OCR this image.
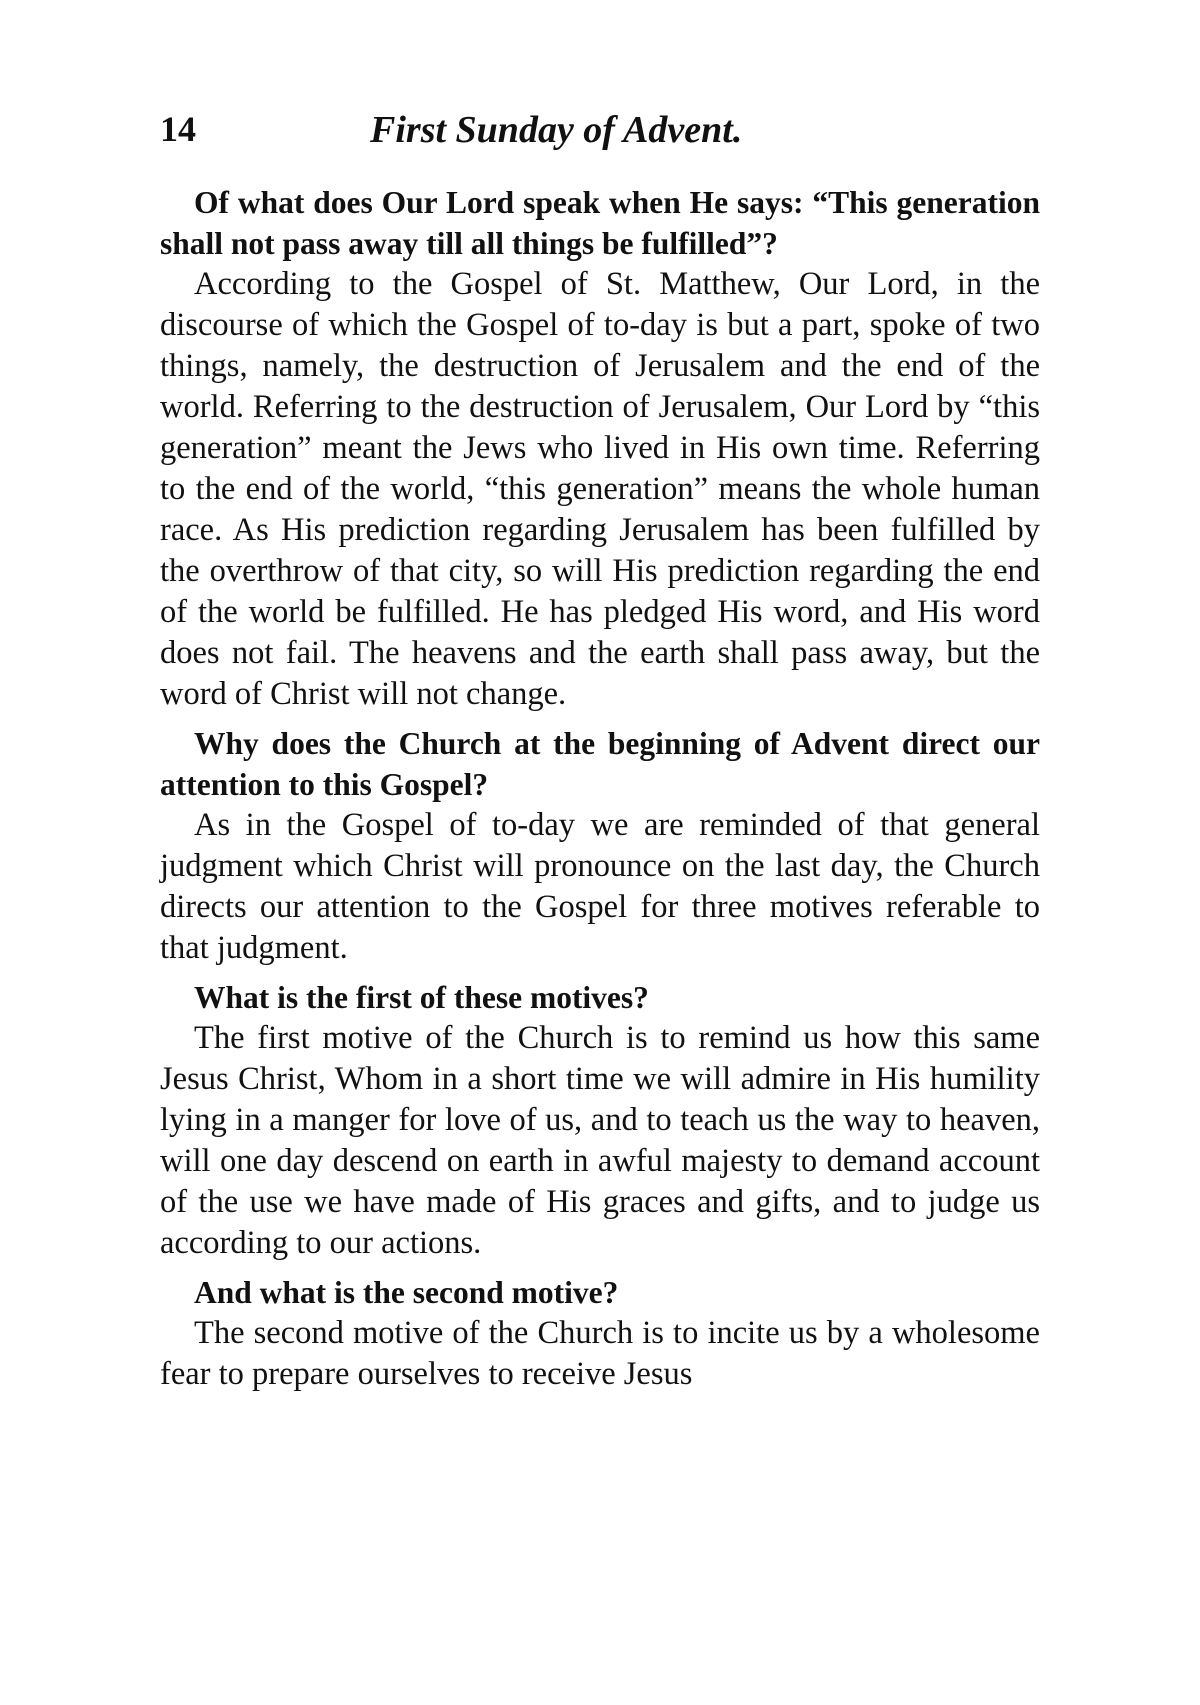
14	First Sunday of Advent.

Of what does Our Lord speak when He says: “This generation shall not pass away till all things be fulfilled”?

According to the Gospel of St. Matthew, Our Lord, in the discourse of which the Gospel of to-day is but a part, spoke of two things, namely, the destruction of Jerusalem and the end of the world. Referring to the destruction of Jerusalem, Our Lord by “this generation” meant the Jews who lived in His own time. Referring to the end of the world, “this generation” means the whole human race. As His prediction regarding Jerusalem has been fulfilled by the overthrow of that city, so will His prediction regarding the end of the world be fulfilled. He has pledged His word, and His word does not fail. The heavens and the earth shall pass away, but the word of Christ will not change.

Why does the Church at the beginning of Advent direct our attention to this Gospel?

As in the Gospel of to-day we are reminded of that general judgment which Christ will pronounce on the last day, the Church directs our attention to the Gospel for three motives referable to that judgment.

What is the first of these motives?

The first motive of the Church is to remind us how this same Jesus Christ, Whom in a short time we will admire in His humility lying in a manger for love of us, and to teach us the way to heaven, will one day descend on earth in awful majesty to demand account of the use we have made of His graces and gifts, and to judge us according to our actions.

And what is the second motive?

The second motive of the Church is to incite us by a wholesome fear to prepare ourselves to receive Jesus
